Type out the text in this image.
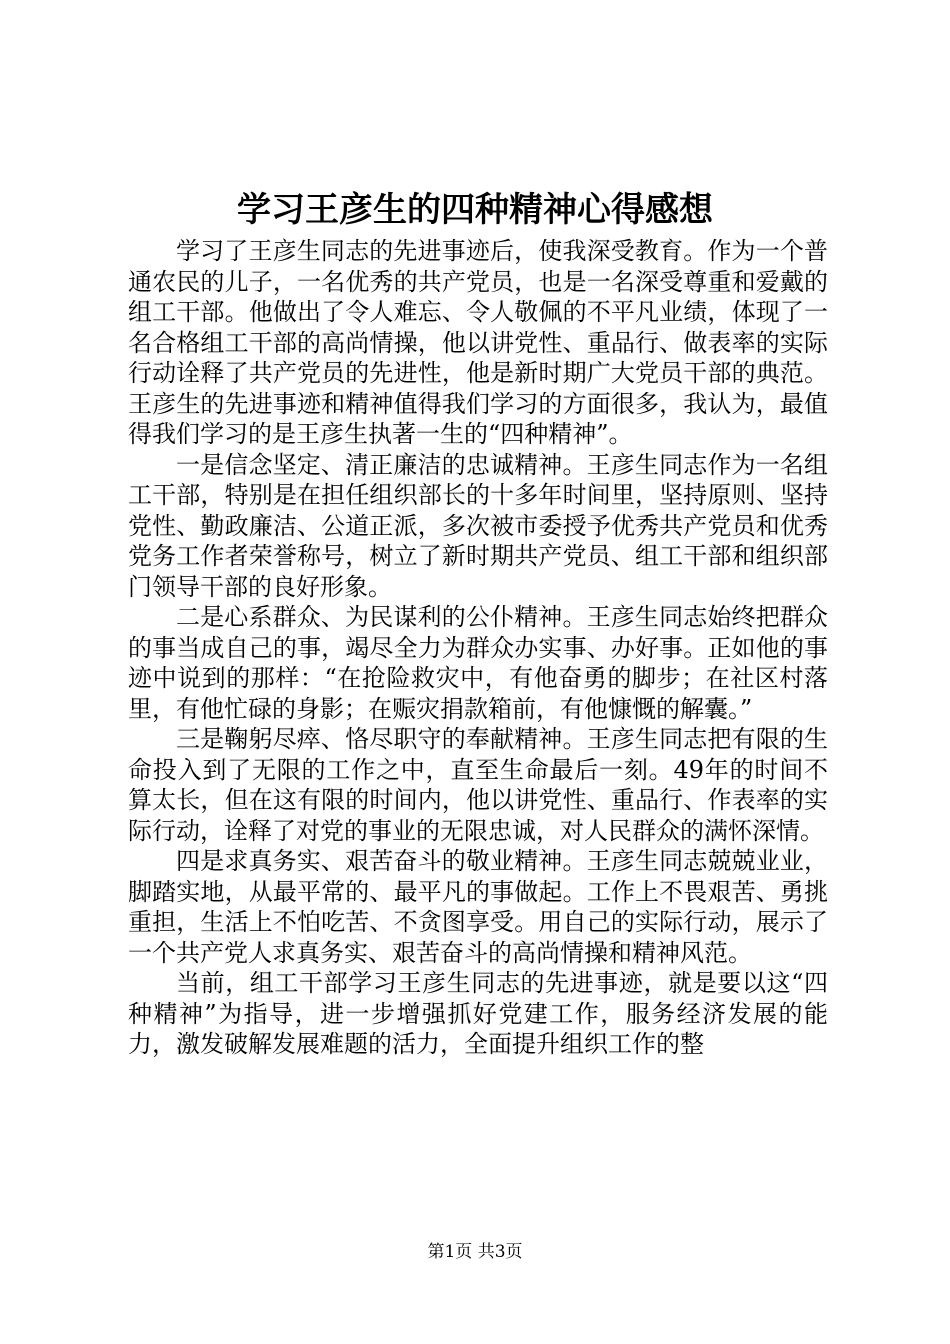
学习王彦生的四种精神心得感想

学习了王彦生同志的先进事迹后，使我深受教育。作为一个普通农民的儿子，一名优秀的共产党员，也是一名深受尊重和爱戴的组工干部。他做出了令人难忘、令人敬佩的不平凡业绩，体现了一名合格组工干部的高尚情操，他以讲党性、重品行、做表率的实际行动诠释了共产党员的先进性，他是新时期广大党员干部的典范。王彦生的先进事迹和精神值得我们学习的方面很多，我认为，最值得我们学习的是王彦生执著一生的“四种精神”。

一是信念坚定、清正廉洁的忠诚精神。王彦生同志作为一名组工干部，特别是在担任组织部长的十多年时间里，坚持原则、坚持党性、勤政廉洁、公道正派，多次被市委授予优秀共产党员和优秀党务工作者荣誉称号，树立了新时期共产党员、组工干部和组织部门领导干部的良好形象。

二是心系群众、为民谋利的公仆精神。王彦生同志始终把群众的事当成自己的事，竭尽全力为群众办实事、办好事。正如他的事迹中说到的那样：“在抢险救灾中，有他奋勇的脚步；在社区村落里，有他忙碌的身影；在赈灾捐款箱前，有他慷慨的解囊。”

三是鞠躬尽瘁、恪尽职守的奉献精神。王彦生同志把有限的生命投入到了无限的工作之中，直至生命最后一刻。49年的时间不算太长，但在这有限的时间内，他以讲党性、重品行、作表率的实际行动，诠释了对党的事业的无限忠诚，对人民群众的满怀深情。

四是求真务实、艰苦奋斗的敬业精神。王彦生同志兢兢业业，脚踏实地，从最平常的、最平凡的事做起。工作上不畏艰苦、勇挑重担，生活上不怕吃苦、不贪图享受。用自己的实际行动，展示了一个共产党人求真务实、艰苦奋斗的高尚情操和精神风范。

当前，组工干部学习王彦生同志的先进事迹，就是要以这“四种精神”为指导，进一步增强抓好党建工作，服务经济发展的能力，激发破解发展难题的活力，全面提升组织工作的整

第1页 共3页
